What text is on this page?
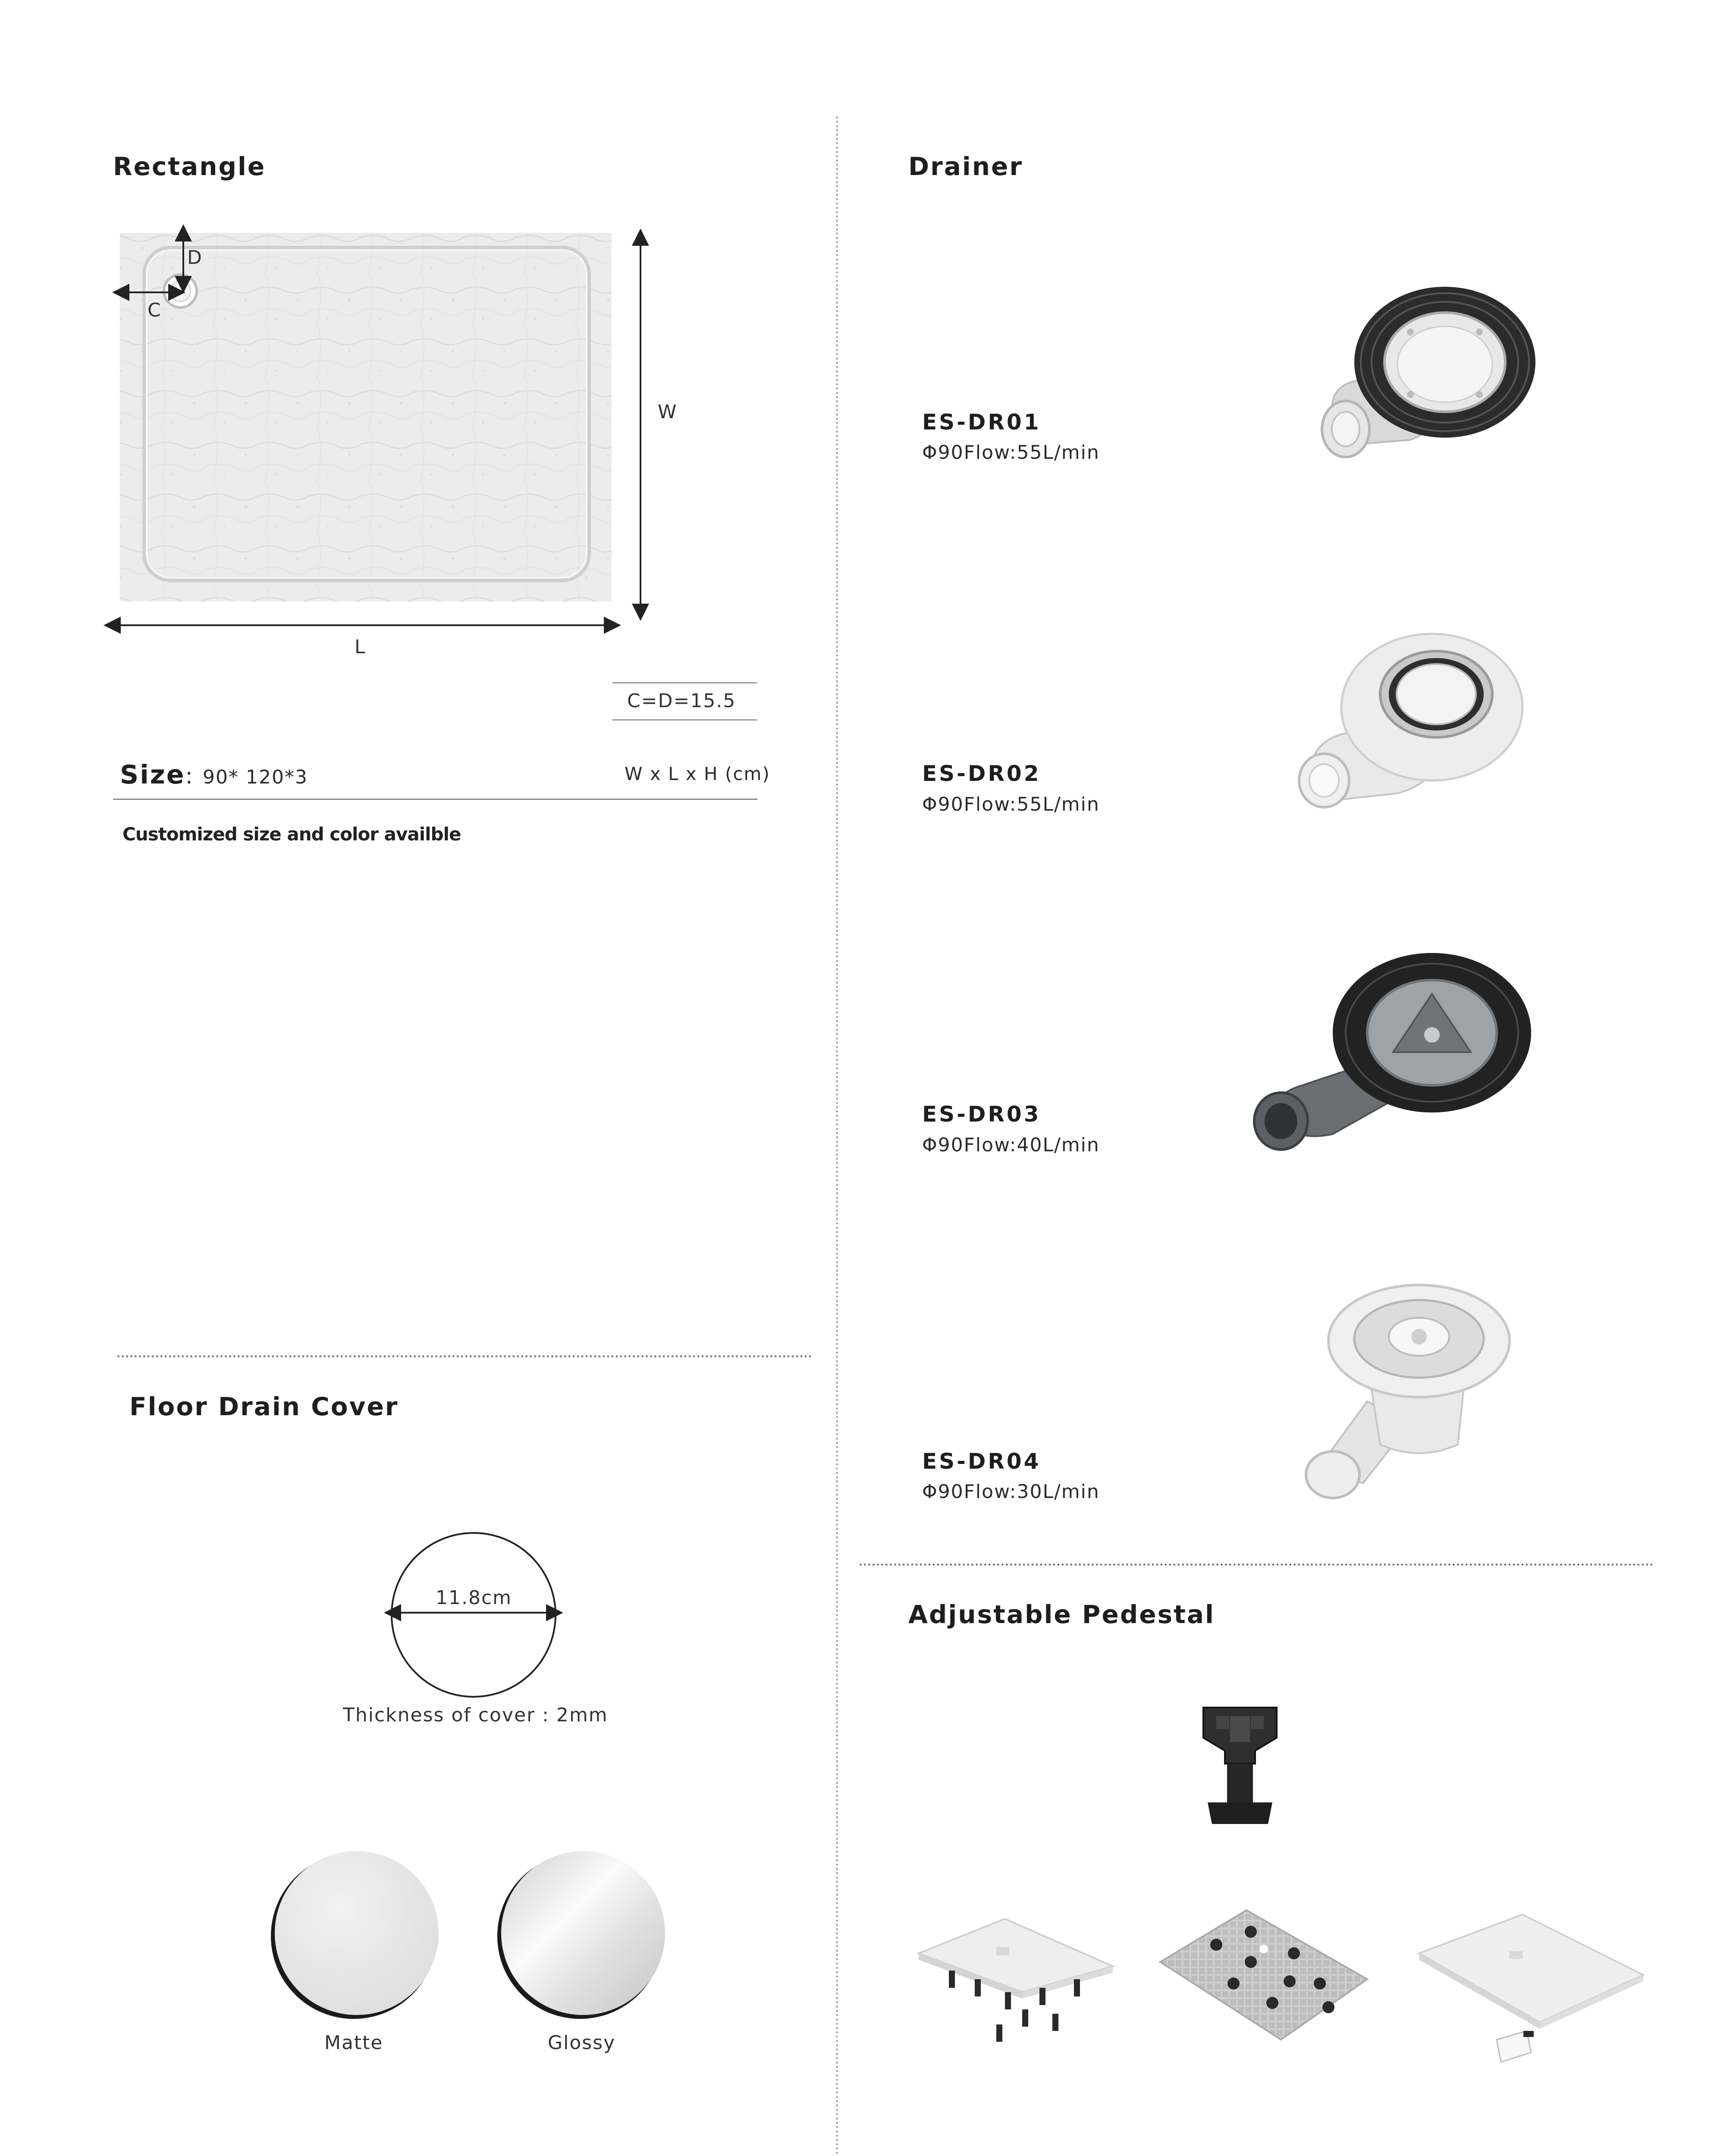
Rectangle
D
C
W
L
C=D=15.5
Size: 90* 120*3	W x L x H (cm)
Customized size and color availble
Drainer
ES-DR01
Φ90Flow:55L/min
ES-DR02
Φ90Flow:55L/min
ES-DR03
Φ90Flow:40L/min
ES-DR04
Φ90Flow:30L/min
Floor Drain Cover
11.8cm
Thickness of cover : 2mm
Matte	Glossy
Adjustable Pedestal
